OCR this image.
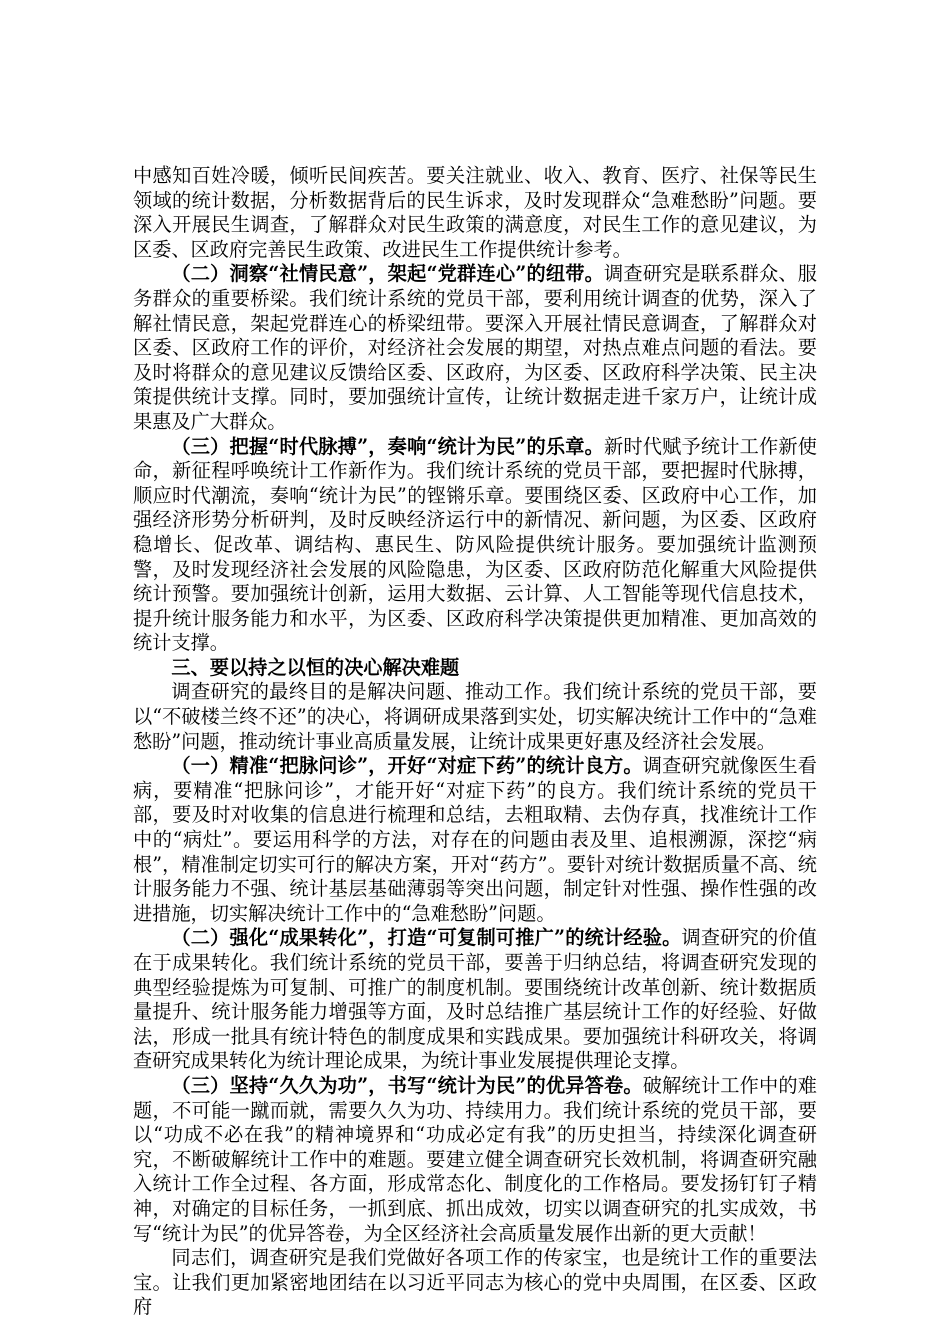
中感知百姓冷暖，倾听民间疾苦。要关注就业、收入、教育、医疗、社保等民生领域的统计数据，分析数据背后的民生诉求，及时发现群众“急难愁盼”问题。要深入开展民生调查，了解群众对民生政策的满意度，对民生工作的意见建议，为区委、区政府完善民生政策、改进民生工作提供统计参考。

（二）洞察“社情民意”，架起“党群连心”的纽带。调查研究是联系群众、服务群众的重要桥梁。我们统计系统的党员干部，要利用统计调查的优势，深入了解社情民意，架起党群连心的桥梁纽带。要深入开展社情民意调查，了解群众对区委、区政府工作的评价，对经济社会发展的期望，对热点难点问题的看法。要及时将群众的意见建议反馈给区委、区政府，为区委、区政府科学决策、民主决策提供统计支撑。同时，要加强统计宣传，让统计数据走进千家万户，让统计成果惠及广大群众。

（三）把握“时代脉搏”，奏响“统计为民”的乐章。新时代赋予统计工作新使命，新征程呼唤统计工作新作为。我们统计系统的党员干部，要把握时代脉搏，顺应时代潮流，奏响“统计为民”的铿锵乐章。要围绕区委、区政府中心工作，加强经济形势分析研判，及时反映经济运行中的新情况、新问题，为区委、区政府稳增长、促改革、调结构、惠民生、防风险提供统计服务。要加强统计监测预警，及时发现经济社会发展的风险隐患，为区委、区政府防范化解重大风险提供统计预警。要加强统计创新，运用大数据、云计算、人工智能等现代信息技术，提升统计服务能力和水平，为区委、区政府科学决策提供更加精准、更加高效的统计支撑。

三、要以持之以恒的决心解决难题

调查研究的最终目的是解决问题、推动工作。我们统计系统的党员干部，要以“不破楼兰终不还”的决心，将调研成果落到实处，切实解决统计工作中的“急难愁盼”问题，推动统计事业高质量发展，让统计成果更好惠及经济社会发展。

（一）精准“把脉问诊”，开好“对症下药”的统计良方。调查研究就像医生看病，要精准“把脉问诊”，才能开好“对症下药”的良方。我们统计系统的党员干部，要及时对收集的信息进行梳理和总结，去粗取精、去伪存真，找准统计工作中的“病灶”。要运用科学的方法，对存在的问题由表及里、追根溯源，深挖“病根”，精准制定切实可行的解决方案，开对“药方”。要针对统计数据质量不高、统计服务能力不强、统计基层基础薄弱等突出问题，制定针对性强、操作性强的改进措施，切实解决统计工作中的“急难愁盼”问题。

（二）强化“成果转化”，打造“可复制可推广”的统计经验。调查研究的价值在于成果转化。我们统计系统的党员干部，要善于归纳总结，将调查研究发现的典型经验提炼为可复制、可推广的制度机制。要围绕统计改革创新、统计数据质量提升、统计服务能力增强等方面，及时总结推广基层统计工作的好经验、好做法，形成一批具有统计特色的制度成果和实践成果。要加强统计科研攻关，将调查研究成果转化为统计理论成果，为统计事业发展提供理论支撑。

（三）坚持“久久为功”，书写“统计为民”的优异答卷。破解统计工作中的难题，不可能一蹴而就，需要久久为功、持续用力。我们统计系统的党员干部，要以“功成不必在我”的精神境界和“功成必定有我”的历史担当，持续深化调查研究，不断破解统计工作中的难题。要建立健全调查研究长效机制，将调查研究融入统计工作全过程、各方面，形成常态化、制度化的工作格局。要发扬钉钉子精神，对确定的目标任务，一抓到底、抓出成效，切实以调查研究的扎实成效，书写“统计为民”的优异答卷，为全区经济社会高质量发展作出新的更大贡献！

同志们，调查研究是我们党做好各项工作的传家宝，也是统计工作的重要法宝。让我们更加紧密地团结在以习近平同志为核心的党中央周围，在区委、区政府
